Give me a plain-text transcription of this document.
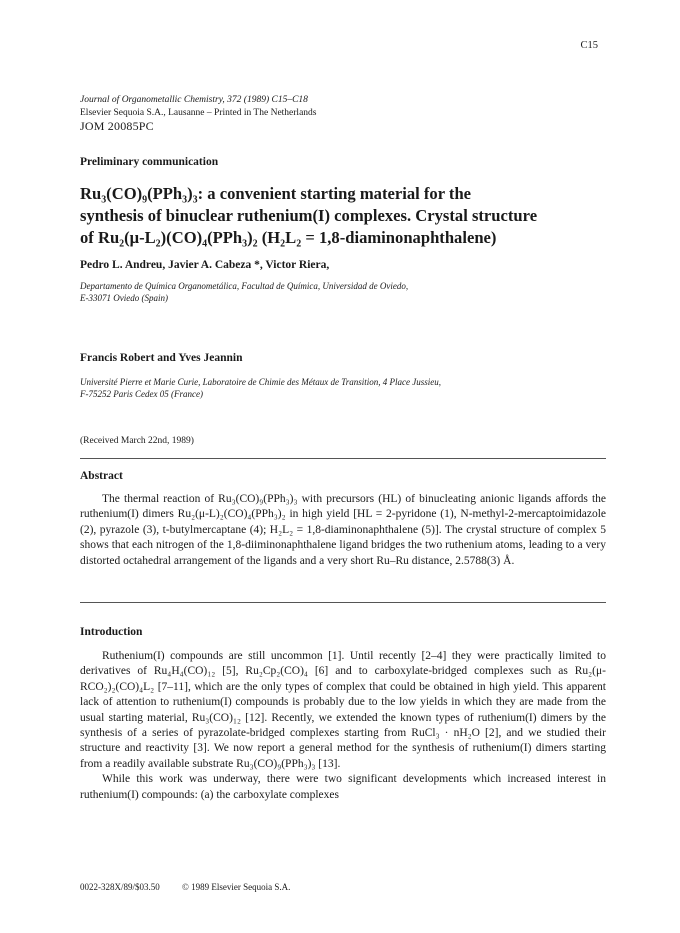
C15
Journal of Organometallic Chemistry, 372 (1989) C15–C18
Elsevier Sequoia S.A., Lausanne – Printed in The Netherlands
JOM 20085PC
Preliminary communication

Ru₃(CO)₉(PPh₃)₃: a convenient starting material for the

synthesis of binuclear ruthenium(I) complexes. Crystal structure

of Ru₂(μ-L₂)(CO)₄(PPh₃)₂ (H₂L₂ = 1,8-diaminonaphthalene)

Pedro L. Andreu, Javier A. Cabeza *, Victor Riera,
Departamento de Química Organometálica, Facultad de Química, Universidad de Oviedo,
E-33071 Oviedo (Spain)
Francis Robert and Yves Jeannin
Université Pierre et Marie Curie, Laboratoire de Chimie des Métaux de Transition, 4 Place Jussieu,
F-75252 Paris Cedex 05 (France)
(Received March 22nd, 1989)
Abstract

The thermal reaction of Ru₃(CO)₉(PPh₃)₃ with precursors (HL) of binucleating anionic ligands affords the ruthenium(I) dimers Ru₂(μ-L)₂(CO)₄(PPh₃)₂ in high yield [HL = 2-pyridone (1), N-methyl-2-mercaptoimidazole (2), pyrazole (3), t-butylmercaptane (4); H₂L₂ = 1,8-diaminonaphthalene (5)]. The crystal structure of complex 5 shows that each nitrogen of the 1,8-diiminonaphthalene ligand bridges the two ruthenium atoms, leading to a very distorted octahedral arrangement of the ligands and a very short Ru–Ru distance, 2.5788(3) Å.

Introduction

Ruthenium(I) compounds are still uncommon [1]. Until recently [2–4] they were practically limited to derivatives of Ru₄H₄(CO)₁₂ [5], Ru₂Cp₂(CO)₄ [6] and to carboxylate-bridged complexes such as Ru₂(μ-RCO₂)₂(CO)₄L₂ [7–11], which are the only types of complex that could be obtained in high yield. This apparent lack of attention to ruthenium(I) compounds is probably due to the low yields in which they are made from the usual starting material, Ru₃(CO)₁₂ [12]. Recently, we extended the known types of ruthenium(I) dimers by the synthesis of a series of pyrazolate-bridged complexes starting from RuCl₃ · nH₂O [2], and we studied their structure and reactivity [3]. We now report a general method for the synthesis of ruthenium(I) dimers starting from a readily available substrate Ru₃(CO)₉(PPh₃)₃ [13].

While this work was underway, there were two significant developments which increased interest in ruthenium(I) compounds: (a) the carboxylate complexes

0022-328X/89/$03.50 © 1989 Elsevier Sequoia S.A.
